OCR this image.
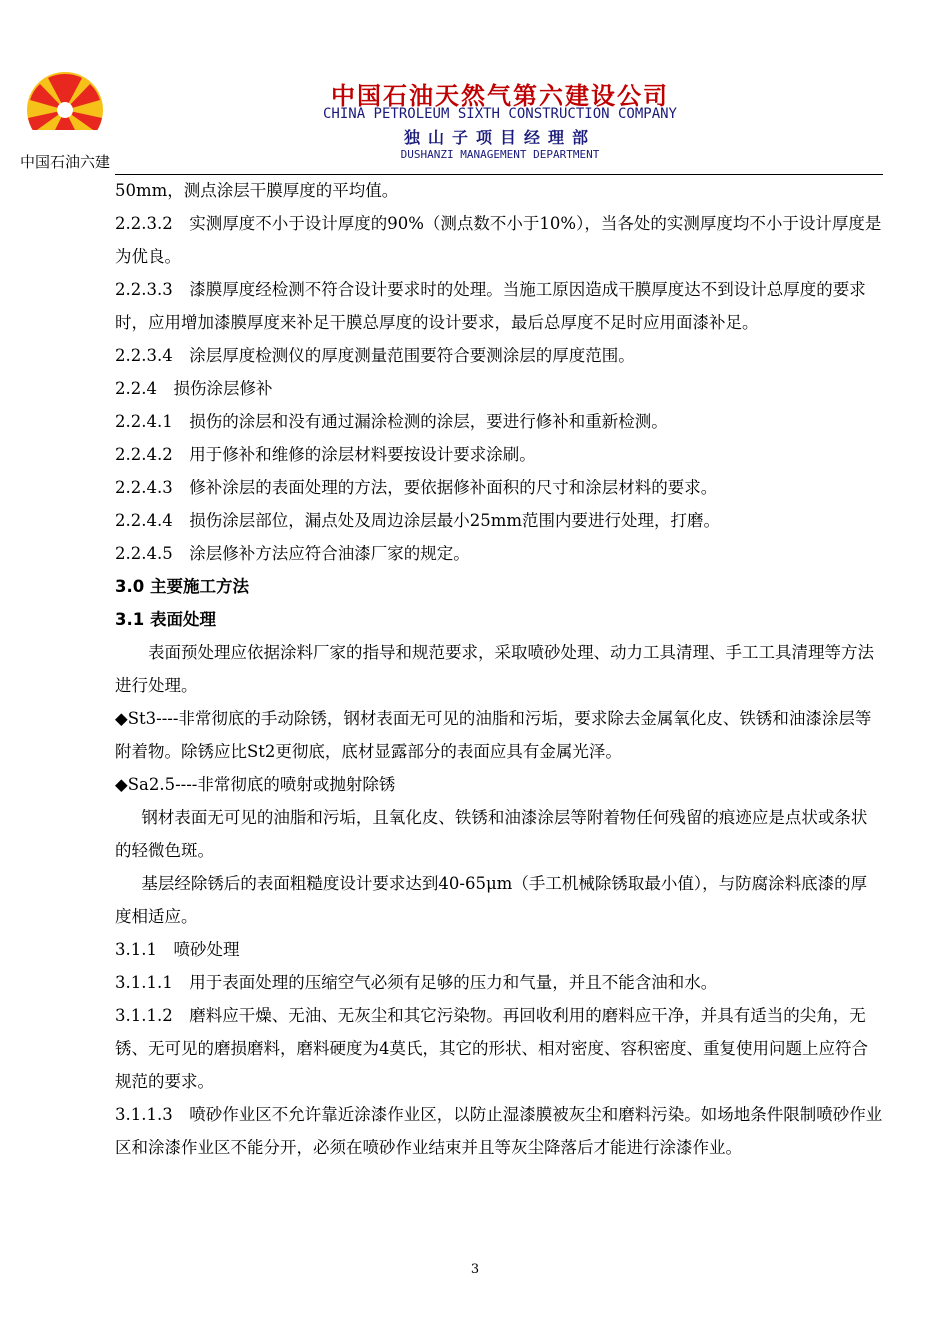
中国石油六建
中国石油天然气第六建设公司
CHINA PETROLEUM SIXTH CONSTRUCTION COMPANY
独山子项目经理部
DUSHANZI MANAGEMENT DEPARTMENT

50mm，测点涂层干膜厚度的平均值。

2.2.3.2　实测厚度不小于设计厚度的90%（测点数不小于10%），当各处的实测厚度均不小于设计厚度是为优良。

2.2.3.3　漆膜厚度经检测不符合设计要求时的处理。当施工原因造成干膜厚度达不到设计总厚度的要求时，应用增加漆膜厚度来补足干膜总厚度的设计要求，最后总厚度不足时应用面漆补足。

2.2.3.4　涂层厚度检测仪的厚度测量范围要符合要测涂层的厚度范围。

2.2.4　损伤涂层修补

2.2.4.1　损伤的涂层和没有通过漏涂检测的涂层，要进行修补和重新检测。

2.2.4.2　用于修补和维修的涂层材料要按设计要求涂刷。

2.2.4.3　修补涂层的表面处理的方法，要依据修补面积的尺寸和涂层材料的要求。

2.2.4.4　损伤涂层部位，漏点处及周边涂层最小25mm范围内要进行处理，打磨。

2.2.4.5　涂层修补方法应符合油漆厂家的规定。

3.0 主要施工方法

3.1 表面处理

表面预处理应依据涂料厂家的指导和规范要求，采取喷砂处理、动力工具清理、手工工具清理等方法进行处理。

◆St3----非常彻底的手动除锈，钢材表面无可见的油脂和污垢，要求除去金属氧化皮、铁锈和油漆涂层等附着物。除锈应比St2更彻底，底材显露部分的表面应具有金属光泽。

◆Sa2.5----非常彻底的喷射或抛射除锈

钢材表面无可见的油脂和污垢，且氧化皮、铁锈和油漆涂层等附着物任何残留的痕迹应是点状或条状的轻微色斑。

基层经除锈后的表面粗糙度设计要求达到40-65μm（手工机械除锈取最小值），与防腐涂料底漆的厚度相适应。

3.1.1　喷砂处理

3.1.1.1　用于表面处理的压缩空气必须有足够的压力和气量，并且不能含油和水。

3.1.1.2　磨料应干燥、无油、无灰尘和其它污染物。再回收利用的磨料应干净，并具有适当的尖角，无锈、无可见的磨损磨料，磨料硬度为4莫氏，其它的形状、相对密度、容积密度、重复使用问题上应符合规范的要求。

3.1.1.3　喷砂作业区不允许靠近涂漆作业区，以防止湿漆膜被灰尘和磨料污染。如场地条件限制喷砂作业区和涂漆作业区不能分开，必须在喷砂作业结束并且等灰尘降落后才能进行涂漆作业。

3
